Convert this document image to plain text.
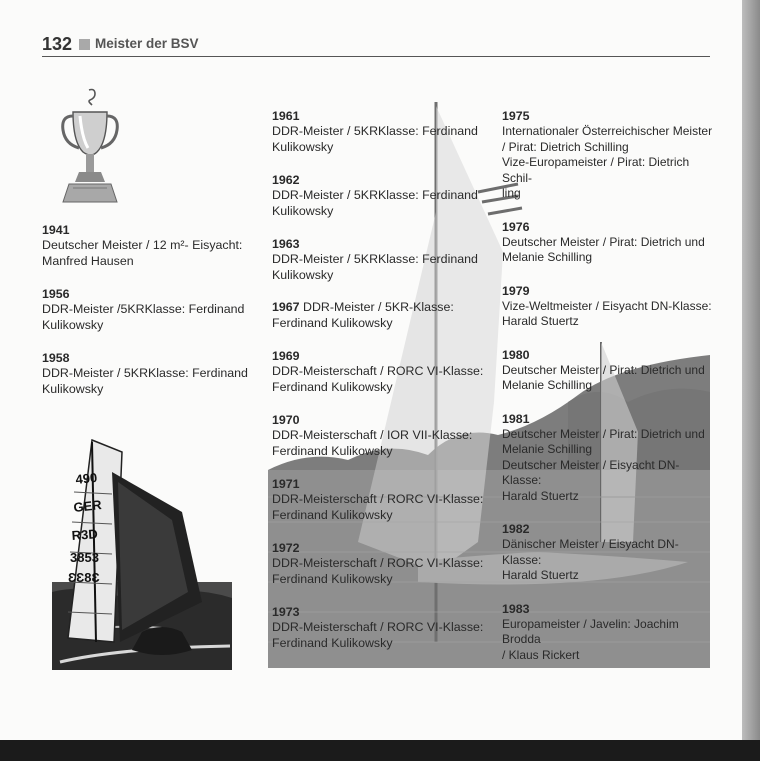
132 Meister der BSV
490
GER
R3D
3853
ƐƐ8Ɛ
1941
Deutscher Meister / 12 m²- Eisyacht:
Manfred Hausen
1956
DDR-Meister /5KRKlasse: Ferdinand
Kulikowsky
1958
DDR-Meister / 5KRKlasse: Ferdinand
Kulikowsky
1961
DDR-Meister / 5KRKlasse: Ferdinand
Kulikowsky
1962
DDR-Meister / 5KRKlasse: Ferdinand
Kulikowsky
1963
DDR-Meister / 5KRKlasse: Ferdinand
Kulikowsky
1967 DDR-Meister / 5KR-Klasse:
Ferdinand Kulikowsky
1969
DDR-Meisterschaft / RORC VI-Klasse:
Ferdinand Kulikowsky
1970
DDR-Meisterschaft / IOR VII-Klasse:
Ferdinand Kulikowsky
1971
DDR-Meisterschaft / RORC VI-Klasse:
Ferdinand Kulikowsky
1972
DDR-Meisterschaft / RORC VI-Klasse:
Ferdinand Kulikowsky
1973
DDR-Meisterschaft / RORC VI-Klasse:
Ferdinand Kulikowsky
1975
Internationaler Österreichischer Meister
/ Pirat: Dietrich Schilling
Vize-Europameister / Pirat: Dietrich Schil-
ling
1976
Deutscher Meister / Pirat: Dietrich und
Melanie Schilling
1979
Vize-Weltmeister / Eisyacht DN-Klasse:
Harald Stuertz
1980
Deutscher Meister / Pirat: Dietrich und
Melanie Schilling
1981
Deutscher Meister / Pirat: Dietrich und
Melanie Schilling
Deutscher Meister / Eisyacht DN-Klasse:
Harald Stuertz
1982
Dänischer Meister / Eisyacht DN-Klasse:
Harald Stuertz
1983
Europameister / Javelin: Joachim Brodda
/ Klaus Rickert
